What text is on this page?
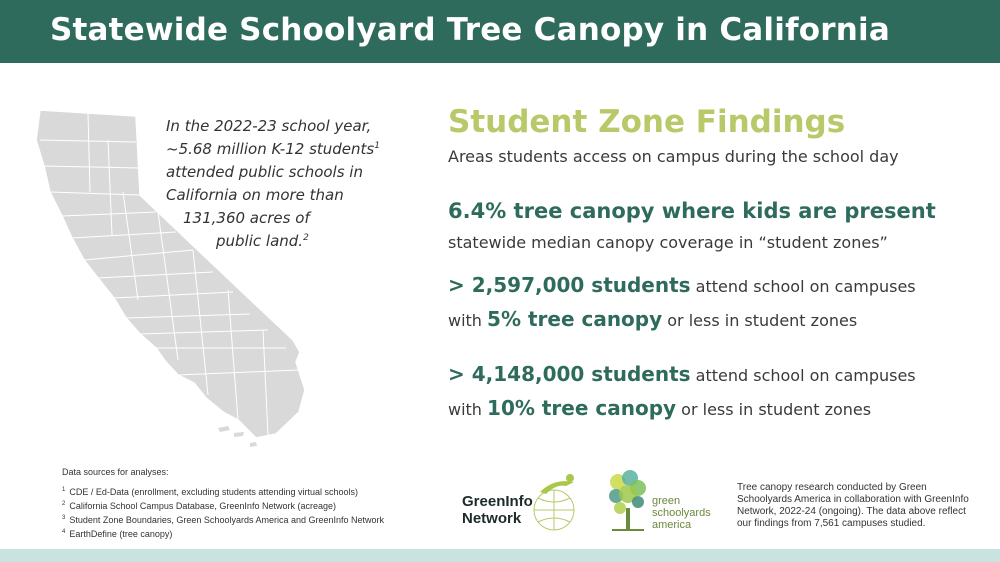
Statewide Schoolyard Tree Canopy in California

In the 2022-23 school year,
~5.68 million K-12 students$^1$
attended public schools in
California on more than
131,360 acres of
public land.$^2$

Student Zone Findings

Areas students access on campus during the school day

6.4% tree canopy where kids are present

statewide median canopy coverage in “student zones”

> 2,597,000 students attend school on campuses
with 5% tree canopy or less in student zones

> 4,148,000 students attend school on campuses
with 10% tree canopy or less in student zones

Data sources for analyses:
$^1$ CDE / Ed-Data (enrollment, excluding students attending virtual schools)
$^2$ California School Campus Database, GreenInfo Network (acreage)
$^3$ Student Zone Boundaries, Green Schoolyards America and GreenInfo Network
$^4$ EarthDefine (tree canopy)

GreenInfo
Network

green
schoolyards
america

Tree canopy research conducted by Green Schoolyards America in collaboration with GreenInfo Network, 2022-24 (ongoing). The data above reflect our findings from 7,561 campuses studied.
